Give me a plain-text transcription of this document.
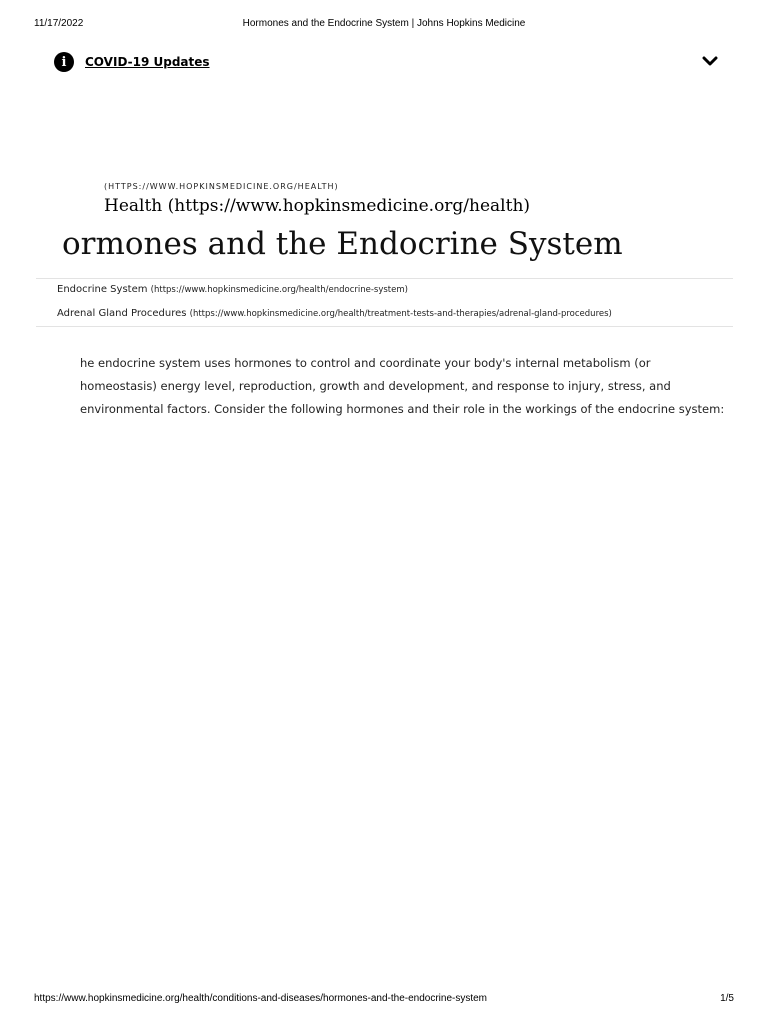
11/17/2022	Hormones and the Endocrine System | Johns Hopkins Medicine
i	COVID-19 Updates
(HTTPS://WWW.HOPKINSMEDICINE.ORG/HEALTH)
Health (https://www.hopkinsmedicine.org/health)
ormones and the Endocrine System
Endocrine System (https://www.hopkinsmedicine.org/health/endocrine-system)
Adrenal Gland Procedures (https://www.hopkinsmedicine.org/health/treatment-tests-and-therapies/adrenal-gland-procedures)
he endocrine system uses hormones to control and coordinate your body's internal metabolism (or
homeostasis) energy level, reproduction, growth and development, and response to injury, stress, and
environmental factors. Consider the following hormones and their role in the workings of the endocrine system:
https://www.hopkinsmedicine.org/health/conditions-and-diseases/hormones-and-the-endocrine-system	1/5
